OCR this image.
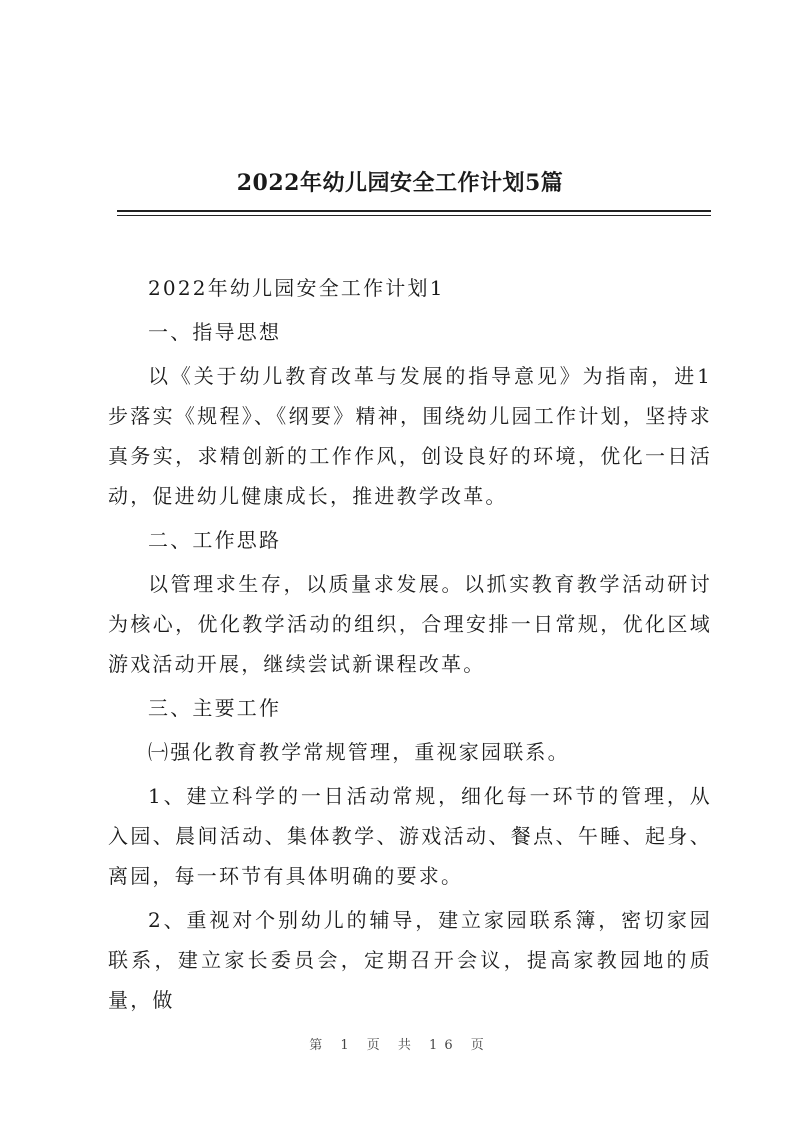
2022年幼儿园安全工作计划5篇

2022年幼儿园安全工作计划1

一、指导思想

以《关于幼儿教育改革与发展的指导意见》为指南，进1步落实《规程》、《纲要》精神，围绕幼儿园工作计划，坚持求真务实，求精创新的工作作风，创设良好的环境，优化一日活动，促进幼儿健康成长，推进教学改革。

二、工作思路

以管理求生存，以质量求发展。以抓实教育教学活动研讨为核心，优化教学活动的组织，合理安排一日常规，优化区域游戏活动开展，继续尝试新课程改革。

三、主要工作

㈠强化教育教学常规管理，重视家园联系。

1、建立科学的一日活动常规，细化每一环节的管理，从入园、晨间活动、集体教学、游戏活动、餐点、午睡、起身、离园，每一环节有具体明确的要求。

2、重视对个别幼儿的辅导，建立家园联系簿，密切家园联系，建立家长委员会，定期召开会议，提高家教园地的质量，做

第 1 页 共 16 页
